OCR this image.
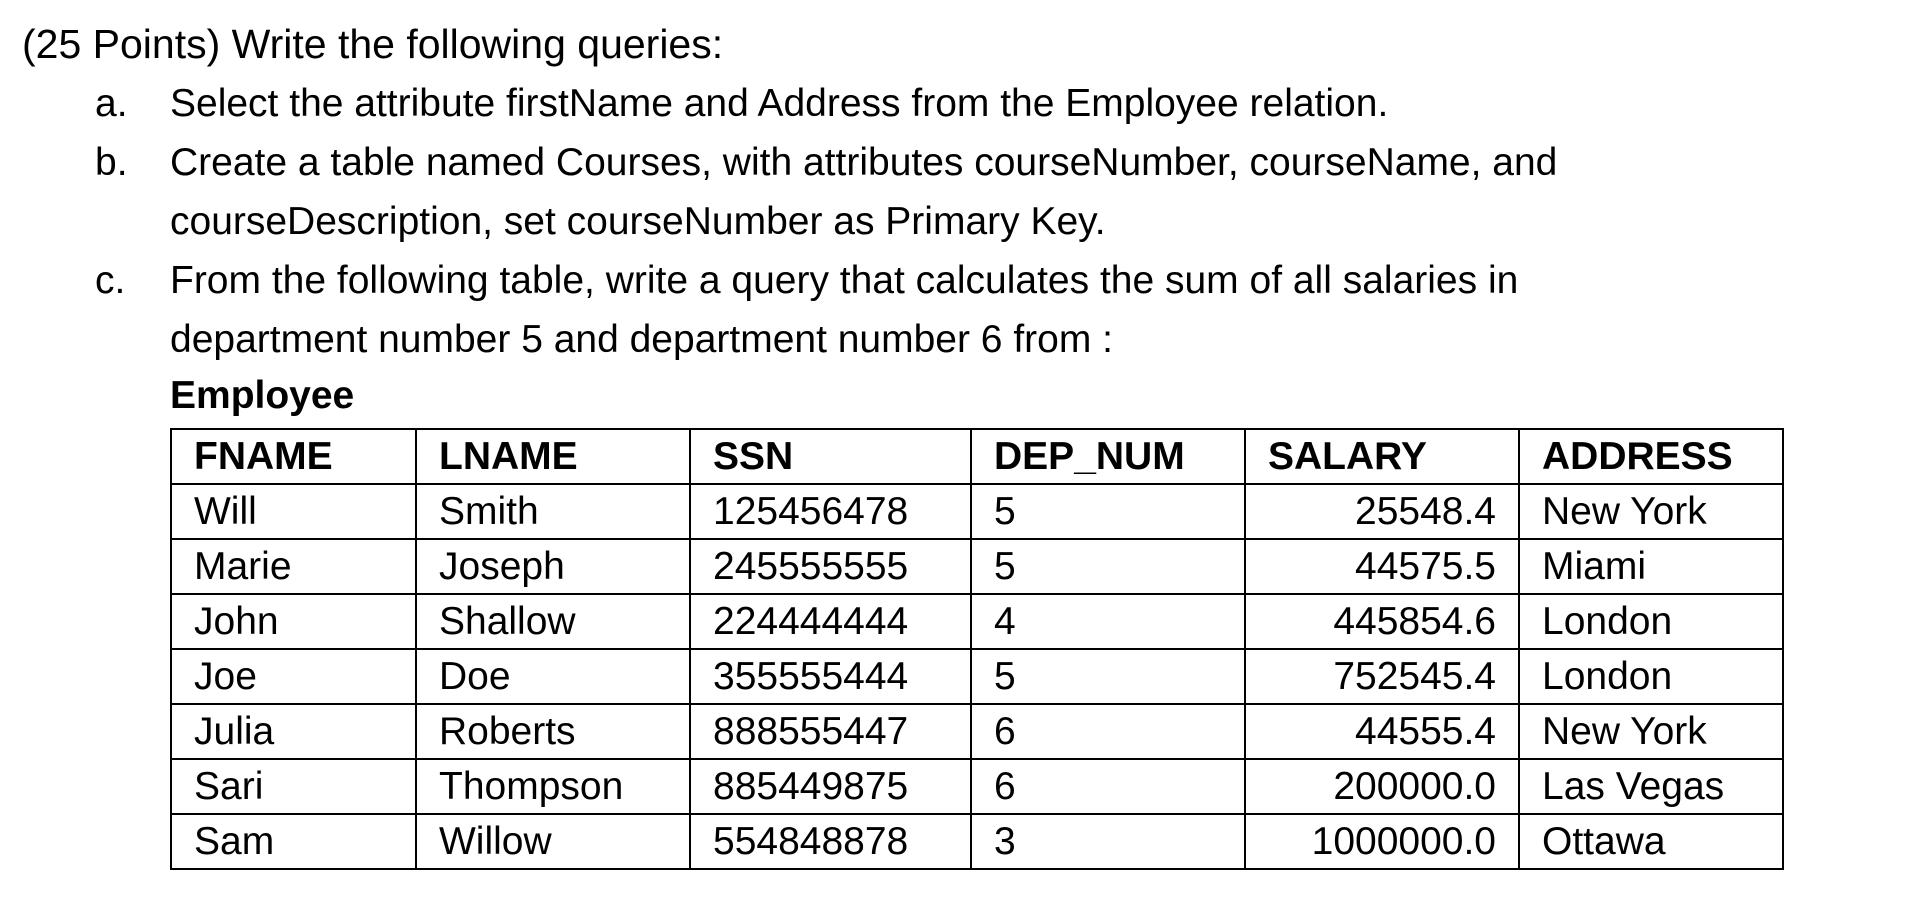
(25 Points) Write the following queries:
a. Select the attribute firstName and Address from the Employee relation.
b. Create a table named Courses, with attributes courseNumber, courseName, and
courseDescription, set courseNumber as Primary Key.
c. From the following table, write a query that calculates the sum of all salaries in
department number 5 and department number 6 from :
Employee
FNAME	LNAME	SSN	DEP_NUM	SALARY	ADDRESS
Will	Smith	125456478	5	25548.4	New York
Marie	Joseph	245555555	5	44575.5	Miami
John	Shallow	224444444	4	445854.6	London
Joe	Doe	355555444	5	752545.4	London
Julia	Roberts	888555447	6	44555.4	New York
Sari	Thompson	885449875	6	200000.0	Las Vegas
Sam	Willow	554848878	3	1000000.0	Ottawa
